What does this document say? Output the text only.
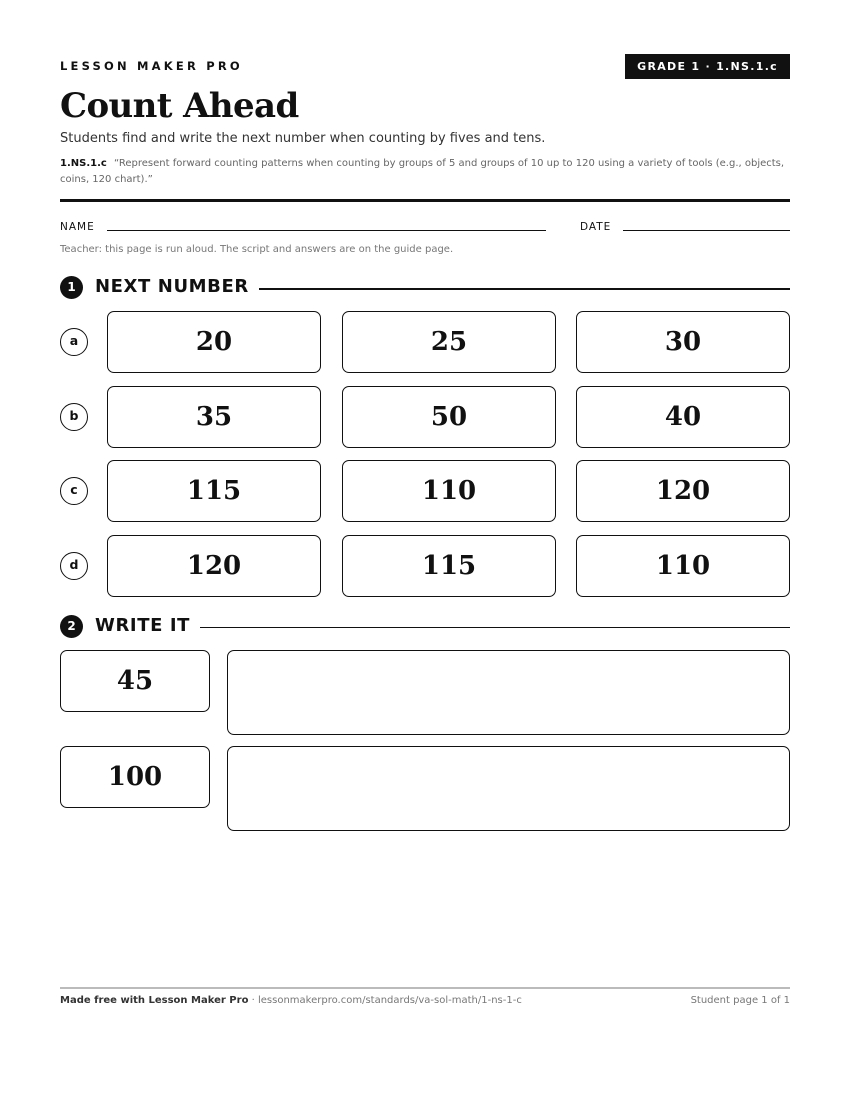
LESSON MAKER PRO	GRADE 1 · 1.NS.1.c
Count Ahead
Students find and write the next number when counting by fives and tens.
1.NS.1.c “Represent forward counting patterns when counting by groups of 5 and groups of 10 up to 120 using a variety of tools (e.g., objects, coins, 120 chart).”
NAME	DATE
Teacher: this page is run aloud. The script and answers are on the guide page.
1	NEXT NUMBER
a	20	25	30
b	35	50	40
c	115	110	120
d	120	115	110
2	WRITE IT
45
100
Made free with Lesson Maker Pro · lessonmakerpro.com/standards/va-sol-math/1-ns-1-c	Student page 1 of 1
